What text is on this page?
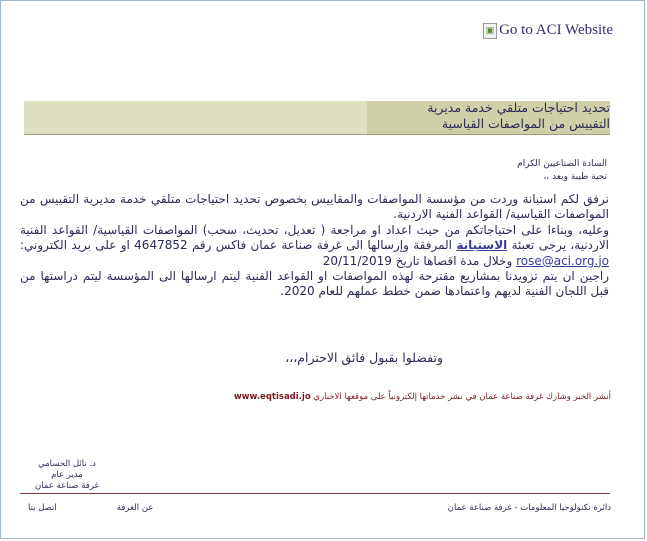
▣ Go to ACI Website
تحديد احتياجات متلقي خدمة مديرية
التقييس من المواصفات القياسية
السادة الصناعيين الكرام
تحية طيبة وبعد ،،

نرفق لكم استبانة وردت من مؤسسة المواصفات والمقاييس بخصوص تحديد احتياجات متلقي خدمة مديرية التقييس من المواصفات القياسية/ القواعد الفنية الاردنية.

وعليه، وبناءا على احتياجاتكم من حيث اعداد او مراجعة ( تعديل، تحديث، سحب) المواصفات القياسية/ القواعد الفنية الاردنية، يرجى تعبئة الاستبانة المرفقة وإرسالها الى غرفة صناعة عمان فاكس رقم 4647852 او على بريد الكتروني: rose@aci.org.jo وخلال مدة اقصاها تاريخ 20/11/2019

راجين ان يتم تزويدنا بمشاريع مقترحة لهذه المواصفات او القواعد الفنية ليتم ارسالها الى المؤسسة ليتم دراستها من قبل اللجان الفنية لديهم واعتمادها ضمن خطط عملهم للعام 2020.

وتفضلوا بقبول فائق الاحترام،،،
أنشر الخبر وشارك غرفة صناعة عمان في نشر خدماتها إلكترونياً على موقعها الاخباري www.eqtisadi.jo
د. نائل الحسامي
مدير عام
غرفة صناعة عمان
دائرة تكنولوجيا المعلومات - غرفة صناعة عمان
عن الغرفة
اتصل بنا
